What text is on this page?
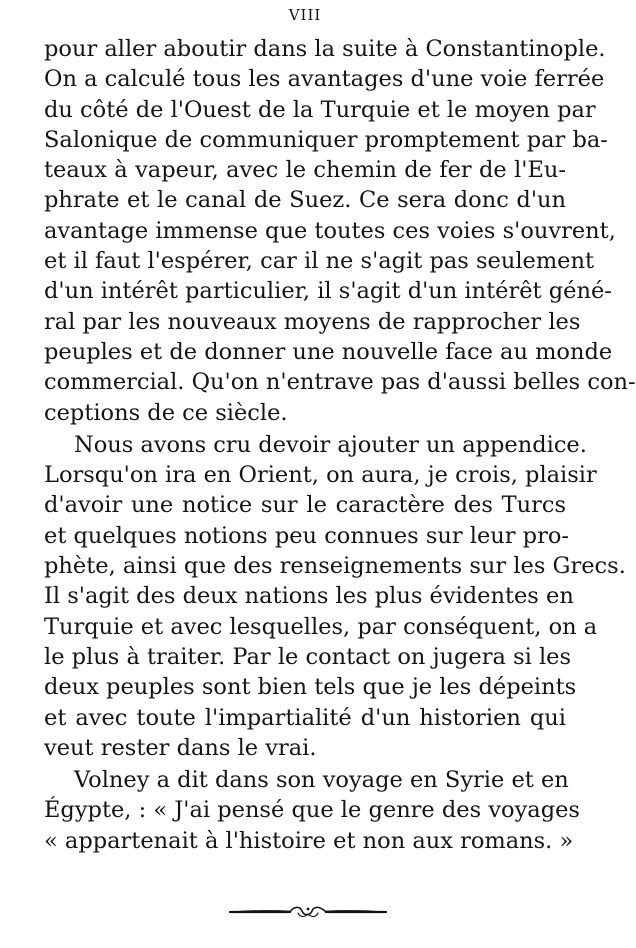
VIII
pour aller aboutir dans la suite à Constantinople.
On a calculé tous les avantages d'une voie ferrée
du côté de l'Ouest de la Turquie et le moyen par
Salonique de communiquer promptement par ba-
teaux à vapeur, avec le chemin de fer de l'Eu-
phrate et le canal de Suez. Ce sera donc d'un
avantage immense que toutes ces voies s'ouvrent,
et il faut l'espérer, car il ne s'agit pas seulement
d'un intérêt particulier, il s'agit d'un intérêt géné-
ral par les nouveaux moyens de rapprocher les
peuples et de donner une nouvelle face au monde
commercial. Qu'on n'entrave pas d'aussi belles con-
ceptions de ce siècle.
Nous avons cru devoir ajouter un appendice.
Lorsqu'on ira en Orient, on aura, je crois, plaisir
d'avoir une notice sur le caractère des Turcs
et quelques notions peu connues sur leur pro-
phète, ainsi que des renseignements sur les Grecs.
Il s'agit des deux nations les plus évidentes en
Turquie et avec lesquelles, par conséquent, on a
le plus à traiter. Par le contact on jugera si les
deux peuples sont bien tels que je les dépeints
et avec toute l'impartialité d'un historien qui
veut rester dans le vrai.
Volney a dit dans son voyage en Syrie et en
Égypte, : « J'ai pensé que le genre des voyages
« appartenait à l'histoire et non aux romans. »
